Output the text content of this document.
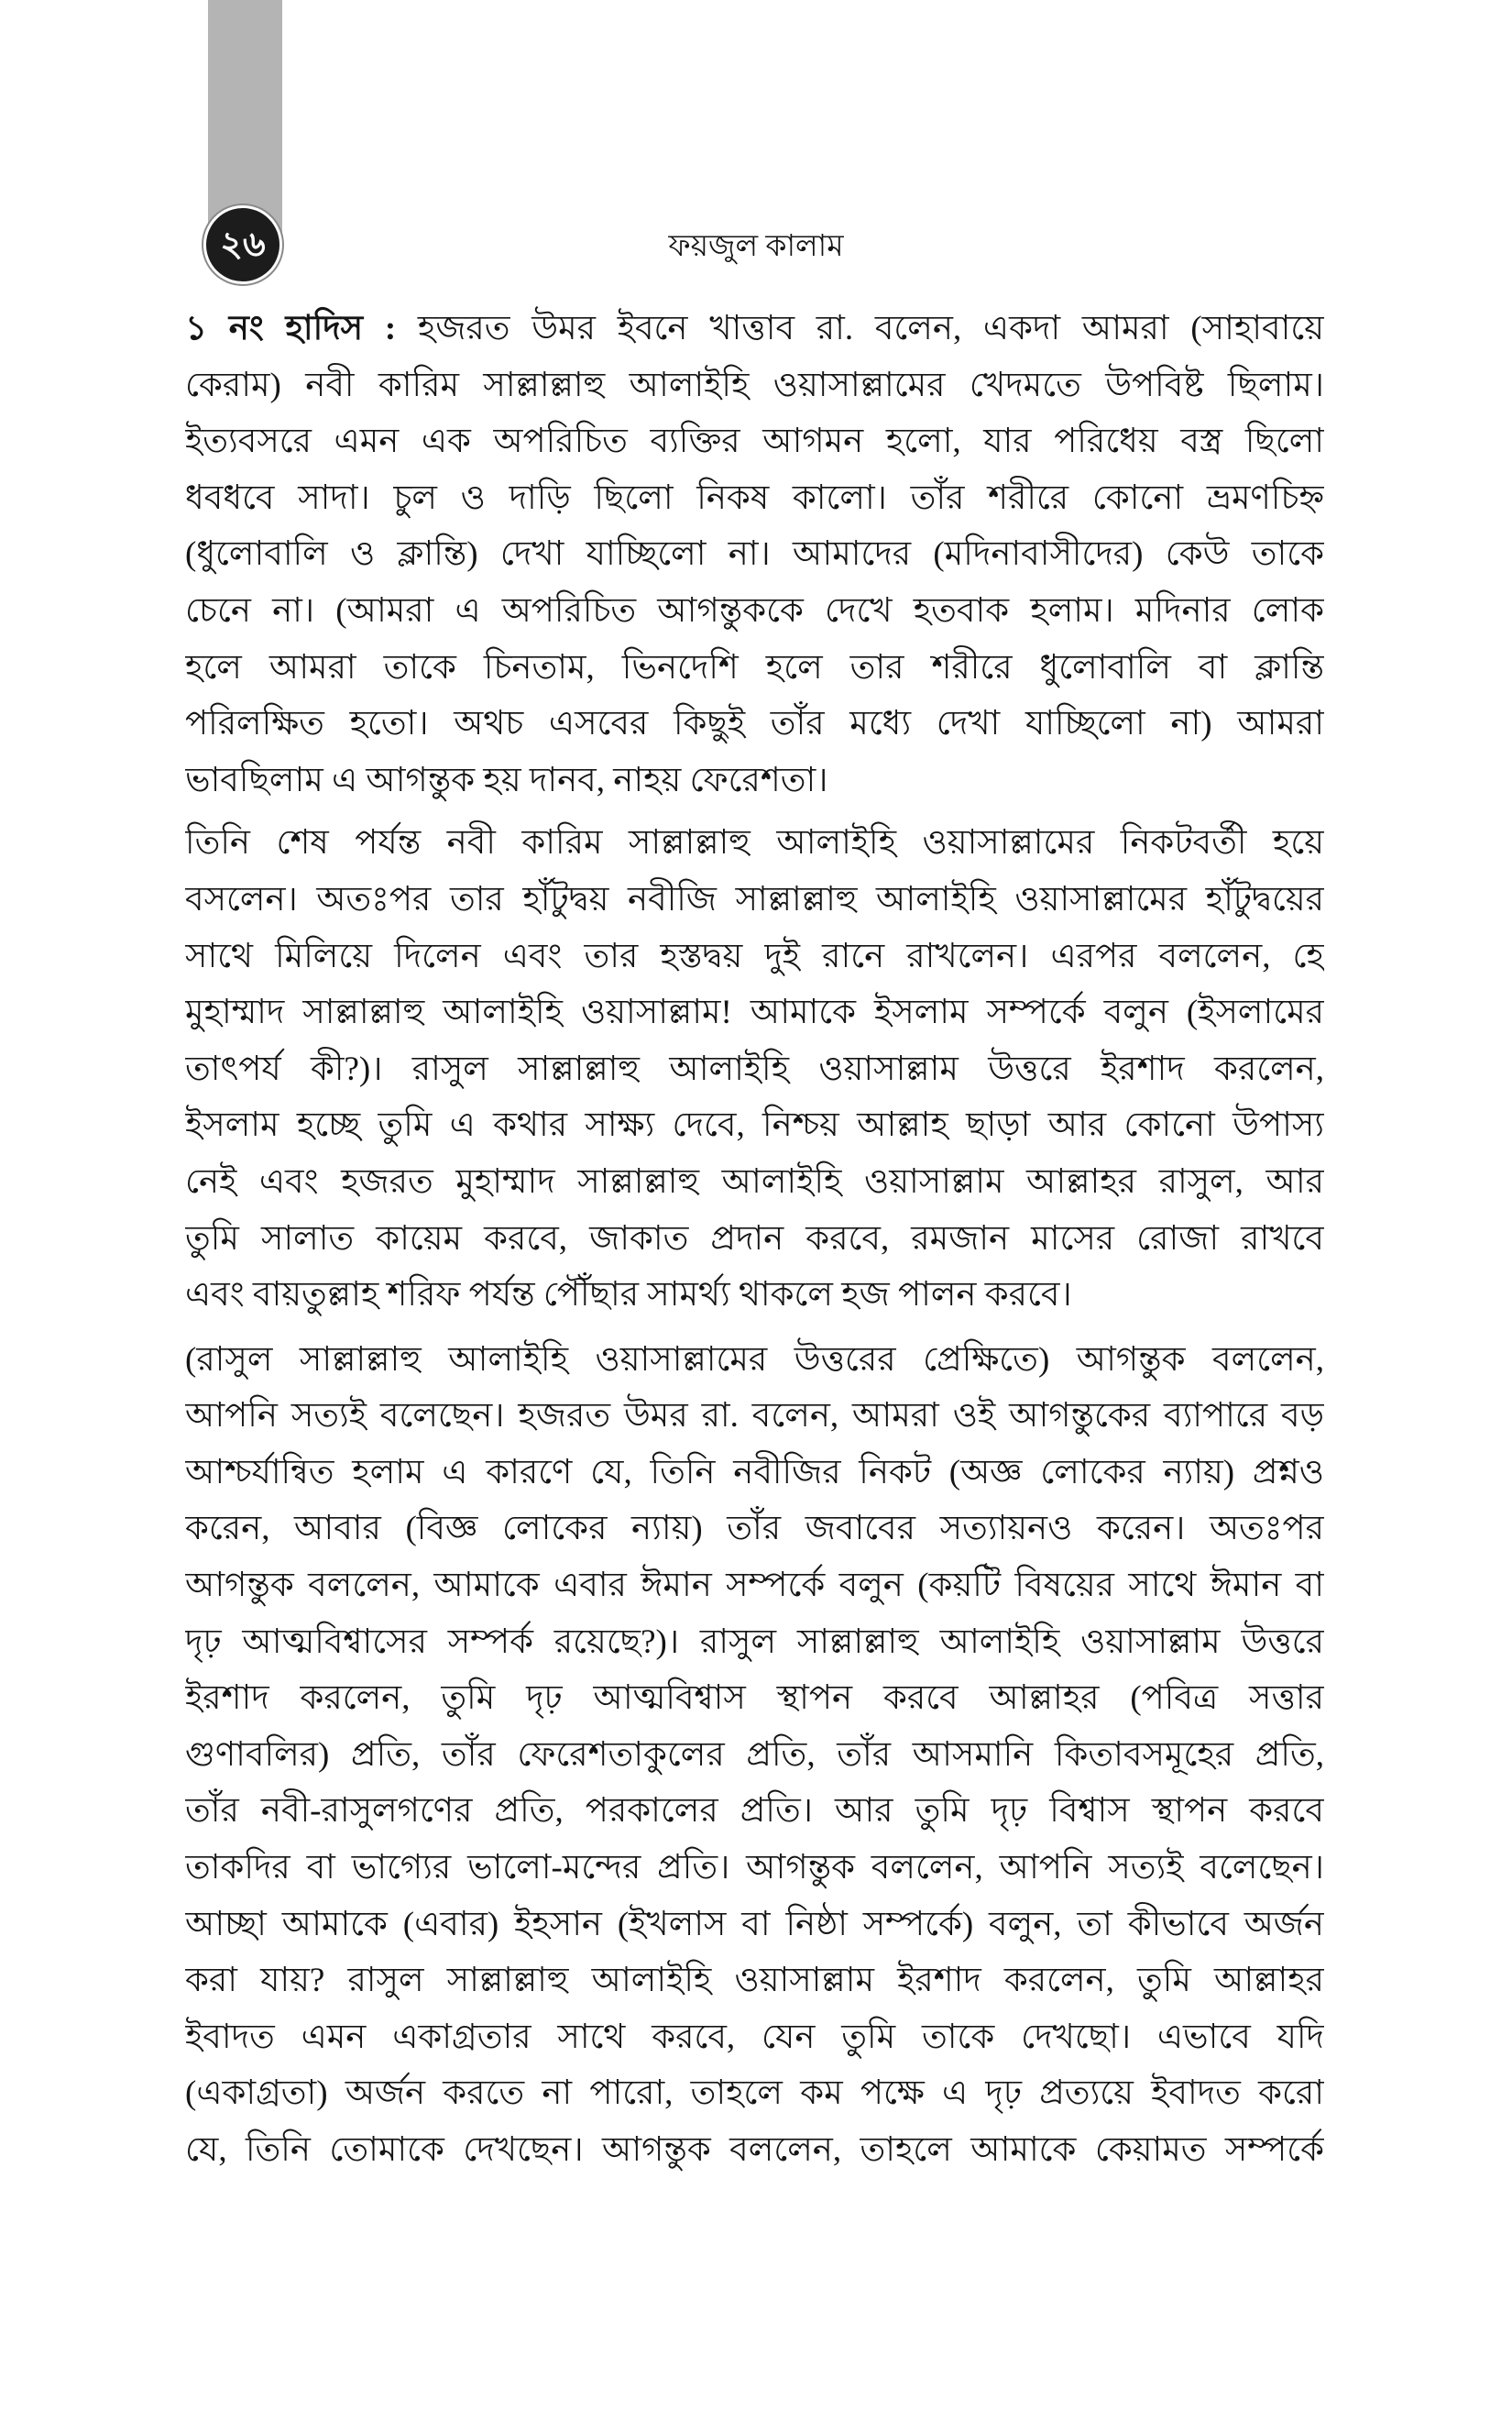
২৬	ফয়জুল কালাম
১ নং হাদিস : হজরত উমর ইবনে খাত্তাব রা. বলেন, একদা আমরা (সাহাবায়ে
কেরাম) নবী কারিম সাল্লাল্লাহু আলাইহি ওয়াসাল্লামের খেদমতে উপবিষ্ট ছিলাম।
ইত্যবসরে এমন এক অপরিচিত ব্যক্তির আগমন হলো, যার পরিধেয় বস্ত্র ছিলো
ধবধবে সাদা। চুল ও দাড়ি ছিলো নিকষ কালো। তাঁর শরীরে কোনো ভ্রমণচিহ্ন
(ধুলোবালি ও ক্লান্তি) দেখা যাচ্ছিলো না। আমাদের (মদিনাবাসীদের) কেউ তাকে
চেনে না। (আমরা এ অপরিচিত আগন্তুককে দেখে হতবাক হলাম। মদিনার লোক
হলে আমরা তাকে চিনতাম, ভিনদেশি হলে তার শরীরে ধুলোবালি বা ক্লান্তি
পরিলক্ষিত হতো। অথচ এসবের কিছুই তাঁর মধ্যে দেখা যাচ্ছিলো না) আমরা
ভাবছিলাম এ আগন্তুক হয় দানব, নাহয় ফেরেশতা।
তিনি শেষ পর্যন্ত নবী কারিম সাল্লাল্লাহু আলাইহি ওয়াসাল্লামের নিকটবর্তী হয়ে
বসলেন। অতঃপর তার হাঁটুদ্বয় নবীজি সাল্লাল্লাহু আলাইহি ওয়াসাল্লামের হাঁটুদ্বয়ের
সাথে মিলিয়ে দিলেন এবং তার হস্তদ্বয় দুই রানে রাখলেন। এরপর বললেন, হে
মুহাম্মাদ সাল্লাল্লাহু আলাইহি ওয়াসাল্লাম! আমাকে ইসলাম সম্পর্কে বলুন (ইসলামের
তাৎপর্য কী?)। রাসুল সাল্লাল্লাহু আলাইহি ওয়াসাল্লাম উত্তরে ইরশাদ করলেন,
ইসলাম হচ্ছে তুমি এ কথার সাক্ষ্য দেবে, নিশ্চয় আল্লাহ ছাড়া আর কোনো উপাস্য
নেই এবং হজরত মুহাম্মাদ সাল্লাল্লাহু আলাইহি ওয়াসাল্লাম আল্লাহর রাসুল, আর
তুমি সালাত কায়েম করবে, জাকাত প্রদান করবে, রমজান মাসের রোজা রাখবে
এবং বায়তুল্লাহ শরিফ পর্যন্ত পৌঁছার সামর্থ্য থাকলে হজ পালন করবে।
(রাসুল সাল্লাল্লাহু আলাইহি ওয়াসাল্লামের উত্তরের প্রেক্ষিতে) আগন্তুক বললেন,
আপনি সত্যই বলেছেন। হজরত উমর রা. বলেন, আমরা ওই আগন্তুকের ব্যাপারে বড়
আশ্চর্যান্বিত হলাম এ কারণে যে, তিনি নবীজির নিকট (অজ্ঞ লোকের ন্যায়) প্রশ্নও
করেন, আবার (বিজ্ঞ লোকের ন্যায়) তাঁর জবাবের সত্যায়নও করেন। অতঃপর
আগন্তুক বললেন, আমাকে এবার ঈমান সম্পর্কে বলুন (কয়টি বিষয়ের সাথে ঈমান বা
দৃঢ় আত্মবিশ্বাসের সম্পর্ক রয়েছে?)। রাসুল সাল্লাল্লাহু আলাইহি ওয়াসাল্লাম উত্তরে
ইরশাদ করলেন, তুমি দৃঢ় আত্মবিশ্বাস স্থাপন করবে আল্লাহর (পবিত্র সত্তার
গুণাবলির) প্রতি, তাঁর ফেরেশতাকুলের প্রতি, তাঁর আসমানি কিতাবসমূহের প্রতি,
তাঁর নবী-রাসুলগণের প্রতি, পরকালের প্রতি। আর তুমি দৃঢ় বিশ্বাস স্থাপন করবে
তাকদির বা ভাগ্যের ভালো-মন্দের প্রতি। আগন্তুক বললেন, আপনি সত্যই বলেছেন।
আচ্ছা আমাকে (এবার) ইহসান (ইখলাস বা নিষ্ঠা সম্পর্কে) বলুন, তা কীভাবে অর্জন
করা যায়? রাসুল সাল্লাল্লাহু আলাইহি ওয়াসাল্লাম ইরশাদ করলেন, তুমি আল্লাহর
ইবাদত এমন একাগ্রতার সাথে করবে, যেন তুমি তাকে দেখছো। এভাবে যদি
(একাগ্রতা) অর্জন করতে না পারো, তাহলে কম পক্ষে এ দৃঢ় প্রত্যয়ে ইবাদত করো
যে, তিনি তোমাকে দেখছেন। আগন্তুক বললেন, তাহলে আমাকে কেয়ামত সম্পর্কে
